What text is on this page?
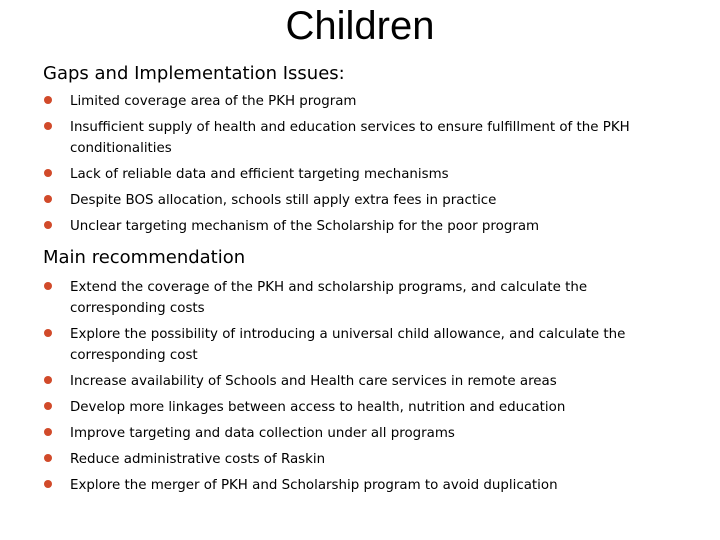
Children
Gaps and Implementation Issues:
Limited coverage area of the PKH program
Insufficient supply of health and education services to ensure fulfillment of the PKH conditionalities
Lack of reliable data and efficient targeting mechanisms
Despite BOS allocation, schools still apply extra fees in practice
Unclear targeting mechanism of the Scholarship for the poor program
Main recommendation
Extend the coverage of the PKH and scholarship programs, and calculate the corresponding costs
Explore the possibility of introducing a universal child allowance, and calculate the corresponding cost
Increase availability of Schools and Health care services in remote areas
Develop more linkages between access to health, nutrition and education
Improve targeting and data collection under all programs
Reduce administrative costs of Raskin
Explore the merger of PKH and Scholarship program to avoid duplication
